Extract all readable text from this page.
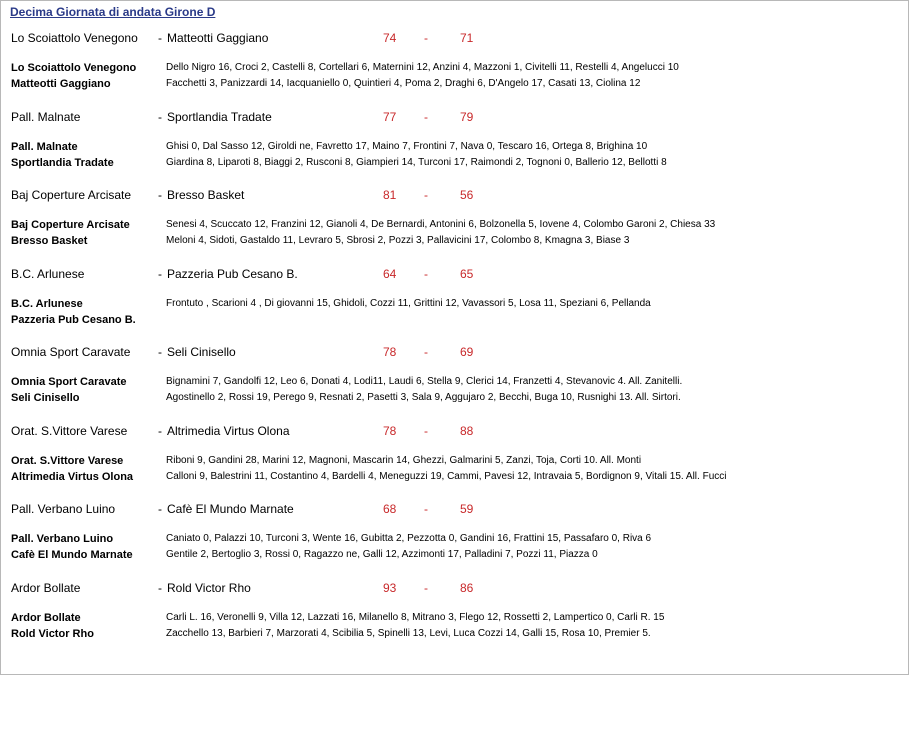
Decima Giornata di andata Girone D
Lo Scoiattolo Venegono - Matteotti Gaggiano	74 -	71
Lo Scoiattolo Venegono	Dello Nigro 16, Croci 2, Castelli 8, Cortellari 6, Maternini 12, Anzini 4, Mazzoni 1, Civitelli 11, Restelli 4, Angelucci 10
Matteotti Gaggiano	Facchetti 3, Panizzardi 14, Iacquaniello 0, Quintieri 4, Poma 2, Draghi 6, D'Angelo 17, Casati 13, Ciolina 12
Pall. Malnate	- Sportlandia Tradate	77 -	79
Pall. Malnate	Ghisi 0, Dal Sasso 12, Giroldi ne, Favretto 17, Maino 7, Frontini 7, Nava 0, Tescaro 16, Ortega 8, Brighina 10
Sportlandia Tradate	Giardina 8, Liparoti 8, Biaggi 2, Rusconi 8, Giampieri 14, Turconi 17, Raimondi 2, Tognoni 0, Ballerio 12, Bellotti 8
Baj Coperture Arcisate - Bresso Basket	81 -	56
Baj Coperture Arcisate	Senesi 4, Scuccato 12, Franzini 12, Gianoli 4, De Bernardi, Antonini 6, Bolzonella 5, Iovene 4, Colombo Garoni 2, Chiesa 33
Bresso Basket	Meloni 4, Sidoti, Gastaldo 11, Levraro 5, Sbrosi 2, Pozzi 3, Pallavicini 17, Colombo 8, Kmagna 3, Biase 3
B.C. Arlunese	- Pazzeria Pub Cesano B.	64 -	65
B.C. Arlunese	Frontuto , Scarioni 4 , Di giovanni 15, Ghidoli, Cozzi 11, Grittini 12, Vavassori 5, Losa 11, Speziani 6, Pellanda
Pazzeria Pub Cesano B.
Omnia Sport Caravate - Seli Cinisello	78 -	69
Omnia Sport Caravate	Bignamini 7, Gandolfi 12, Leo 6, Donati 4, Lodi11, Laudi 6, Stella 9, Clerici 14, Franzetti 4, Stevanovic 4. All. Zanitelli.
Seli Cinisello	Agostinello 2, Rossi 19, Perego 9, Resnati 2, Pasetti 3, Sala 9, Aggujaro 2, Becchi, Buga 10, Rusnighi 13. All. Sirtori.
Orat. S.Vittore Varese	- Altrimedia Virtus Olona	78 -	88
Orat. S.Vittore Varese	Riboni 9, Gandini 28, Marini 12, Magnoni, Mascarin 14, Ghezzi, Galmarini 5, Zanzi, Toja, Corti 10. All. Monti
Altrimedia Virtus Olona	Calloni 9, Balestrini 11, Costantino 4, Bardelli 4, Meneguzzi 19, Cammi, Pavesi 12, Intravaia 5, Bordignon 9, Vitali 15. All. Fucci
Pall. Verbano Luino	- Cafè El Mundo Marnate	68 -	59
Pall. Verbano Luino	Caniato 0, Palazzi 10, Turconi 3, Wente 16, Gubitta 2, Pezzotta 0, Gandini 16, Frattini 15, Passafaro 0, Riva 6
Cafè El Mundo Marnate	Gentile 2, Bertoglio 3, Rossi 0, Ragazzo ne, Galli 12, Azzimonti 17, Palladini 7, Pozzi 11, Piazza 0
Ardor Bollate	- Rold Victor Rho	93 -	86
Ardor Bollate	Carli L. 16, Veronelli 9, Villa 12, Lazzati 16, Milanello 8, Mitrano 3, Flego 12, Rossetti 2, Lampertico 0, Carli R. 15
Rold Victor Rho	Zacchello 13, Barbieri 7, Marzorati 4, Scibilia 5, Spinelli 13, Levi, Luca Cozzi 14, Galli 15, Rosa 10, Premier 5.
